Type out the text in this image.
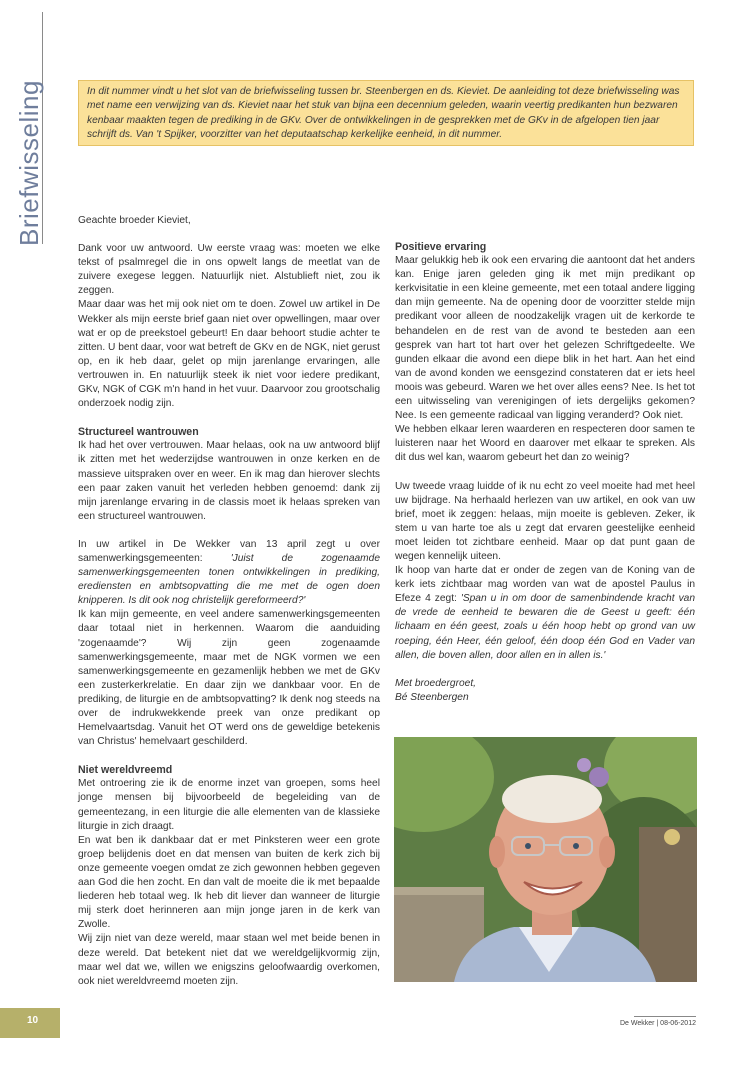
Briefwisseling	In dit nummer vindt u het slot van de briefwisseling tussen br. Steenbergen en ds. Kieviet. De aanleiding tot deze briefwisseling was met name een verwijzing van ds. Kieviet naar het stuk van bijna een decennium geleden, waarin veertig predikanten hun bezwaren kenbaar maakten tegen de prediking in de GKv. Over de ontwikkelingen in de gesprekken met de GKv in de afgelopen tien jaar schrijft ds. Van 't Spijker, voorzitter van het deputaatschap kerkelijke eenheid, in dit nummer.

Geachte broeder Kieviet,

Dank voor uw antwoord. Uw eerste vraag was: moeten we elke tekst of psalmregel die in ons opwelt langs de meetlat van de zuivere exegese leggen. Natuurlijk niet. Alstublieft niet, zou ik zeggen.

Maar daar was het mij ook niet om te doen. Zowel uw artikel in De Wekker als mijn eerste brief gaan niet over opwellingen, maar over wat er op de preekstoel gebeurt! En daar behoort studie achter te zitten. U bent daar, voor wat betreft de GKv en de NGK, niet gerust op, en ik heb daar, gelet op mijn jarenlange ervaringen, alle vertrouwen in. En natuurlijk steek ik niet voor iedere predikant, GKv, NGK of CGK m'n hand in het vuur. Daarvoor zou grootschalig onderzoek nodig zijn.

Structureel wantrouwen

Ik had het over vertrouwen. Maar helaas, ook na uw antwoord blijf ik zitten met het wederzijdse wantrouwen in onze kerken en de massieve uitspraken over en weer. En ik mag dan hierover slechts een paar zaken vanuit het verleden hebben genoemd: dank zij mijn jarenlange ervaring in de classis moet ik helaas spreken van een structureel wantrouwen.

In uw artikel in De Wekker van 13 april zegt u over samenwerkingsgemeenten: 'Juist de zogenaamde samenwerkingsgemeenten tonen ontwikkelingen in prediking, erediensten en ambtsopvatting die me met de ogen doen knipperen. Is dit ook nog christelijk gereformeerd?'

Ik kan mijn gemeente, en veel andere samenwerkingsgemeenten daar totaal niet in herkennen. Waarom die aanduiding 'zogenaamde'? Wij zijn geen zogenaamde samenwerkingsgemeente, maar met de NGK vormen we een samenwerkingsgemeente en gezamenlijk hebben we met de GKv een zusterkerkrelatie. En daar zijn we dankbaar voor. En de prediking, de liturgie en de ambtsopvatting? Ik denk nog steeds na over de indrukwekkende preek van onze predikant op Hemelvaartsdag. Vanuit het OT werd ons de geweldige betekenis van Christus' hemelvaart geschilderd.

Niet wereldvreemd

Met ontroering zie ik de enorme inzet van groepen, soms heel jonge mensen bij bijvoorbeeld de begeleiding van de gemeentezang, in een liturgie die alle elementen van de klassieke liturgie in zich draagt.

En wat ben ik dankbaar dat er met Pinksteren weer een grote groep belijdenis doet en dat mensen van buiten de kerk zich bij onze gemeente voegen omdat ze zich gewonnen hebben gegeven aan God die hen zocht. En dan valt de moeite die ik met bepaalde liederen heb totaal weg. Ik heb dit liever dan wanneer de liturgie mij sterk doet herinneren aan mijn jonge jaren in de kerk van Zwolle.

Wij zijn niet van deze wereld, maar staan wel met beide benen in deze wereld. Dat betekent niet dat we wereldgelijkvormig zijn, maar wel dat we, willen we enigszins geloofwaardig overkomen, ook niet wereldvreemd moeten zijn.

Positieve ervaring

Maar gelukkig heb ik ook een ervaring die aantoont dat het anders kan. Enige jaren geleden ging ik met mijn predikant op kerkvisitatie in een kleine gemeente, met een totaal andere ligging dan mijn gemeente. Na de opening door de voorzitter stelde mijn predikant voor alleen de noodzakelijk vragen uit de kerkorde te behandelen en de rest van de avond te besteden aan een gesprek van hart tot hart over het gelezen Schriftgedeelte. We gunden elkaar die avond een diepe blik in het hart. Aan het eind van de avond konden we eensgezind constateren dat er iets heel moois was gebeurd. Waren we het over alles eens? Nee. Is het tot een uitwisseling van verenigingen of iets dergelijks gekomen? Nee. Is een gemeente radicaal van ligging veranderd? Ook niet.

We hebben elkaar leren waarderen en respecteren door samen te luisteren naar het Woord en daarover met elkaar te spreken. Als dit dus wel kan, waarom gebeurt het dan zo weinig?

Uw tweede vraag luidde of ik nu echt zo veel moeite had met heel uw bijdrage. Na herhaald herlezen van uw artikel, en ook van uw brief, moet ik zeggen: helaas, mijn moeite is gebleven. Zeker, ik stem u van harte toe als u zegt dat ervaren geestelijke eenheid moet leiden tot zichtbare eenheid. Maar op dat punt gaan de wegen kennelijk uiteen.

Ik hoop van harte dat er onder de zegen van de Koning van de kerk iets zichtbaar mag worden van wat de apostel Paulus in Efeze 4 zegt: 'Span u in om door de samenbindende kracht van de vrede de eenheid te bewaren die de Geest u geeft: één lichaam en één geest, zoals u één hoop hebt op grond van uw roeping, één Heer, één geloof, één doop één God en Vader van allen, die boven allen, door allen en in allen is.'

Met broedergroet,

Bé Steenbergen

10	De Wekker | 08-06-2012
